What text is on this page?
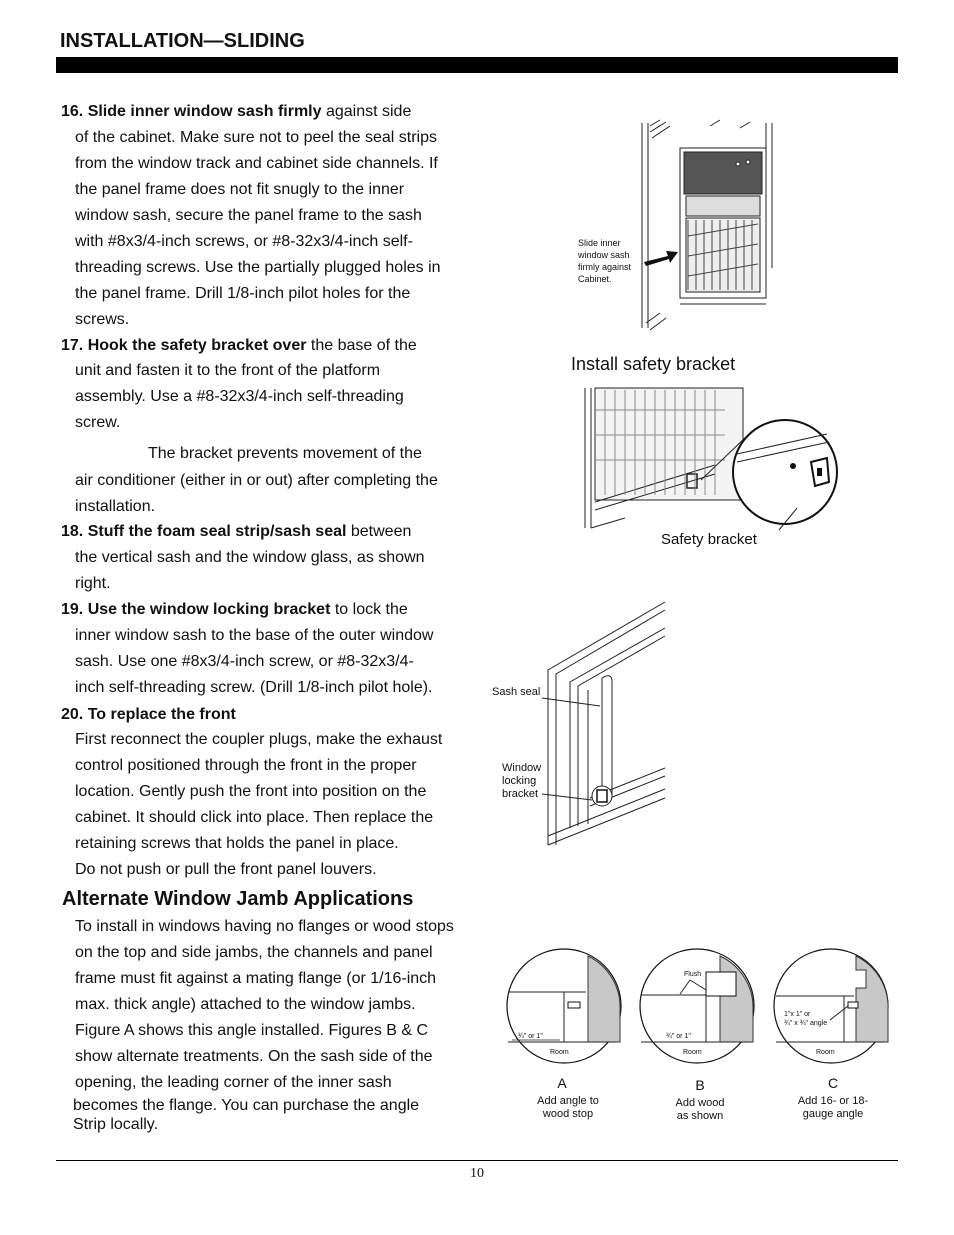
INSTALLATION—SLIDING
16. Slide inner window sash firmly against side
of the cabinet. Make sure not to peel the seal strips
from the window track and cabinet side channels. If
the panel frame does not fit snugly to the inner
window sash, secure the panel frame to the sash
with #8x3/4-inch screws, or #8-32x3/4-inch self-
threading screws. Use the partially plugged holes in
the panel frame. Drill 1/8-inch pilot holes for the
screws.
17. Hook the safety bracket over the base of the
unit and fasten it to the front of the platform
assembly. Use a #8-32x3/4-inch self-threading
screw.
The bracket prevents movement of the
air conditioner (either in or out) after completing the
installation.
18. Stuff the foam seal strip/sash seal between
the vertical sash and the window glass, as shown
right.
19. Use the window locking bracket to lock the
inner window sash to the base of the outer window
sash. Use one #8x3/4-inch screw, or #8-32x3/4-
inch self-threading screw. (Drill 1/8-inch pilot hole).
20. To replace the front
First reconnect the coupler plugs, make the exhaust
control positioned through the front in the proper
location. Gently push the front into position on the
cabinet. It should click into place. Then replace the
retaining screws that holds the panel in place.
Do not push or pull the front panel louvers.
Alternate Window Jamb Applications
To install in windows having no flanges or wood stops
on the top and side jambs, the channels and panel
frame must fit against a mating flange (or 1/16-inch
max. thick angle) attached to the window jambs.
Figure A shows this angle installed. Figures B & C
show alternate treatments. On the sash side of the
opening, the leading corner of the inner sash
becomes the flange. You can purchase the angle
Strip locally.
Slide inner
window sash
firmly against
Cabinet.
Install safety bracket
Safety bracket
Sash seal
Window
locking
bracket
¾" or 1"
Room
A
Add angle to
wood stop
Flush
¾" or 1"
Room
B
Add wood
as shown
1"x 1" or
¾" x ¾" angle
Room
C
Add 16- or 18-
gauge angle
10
